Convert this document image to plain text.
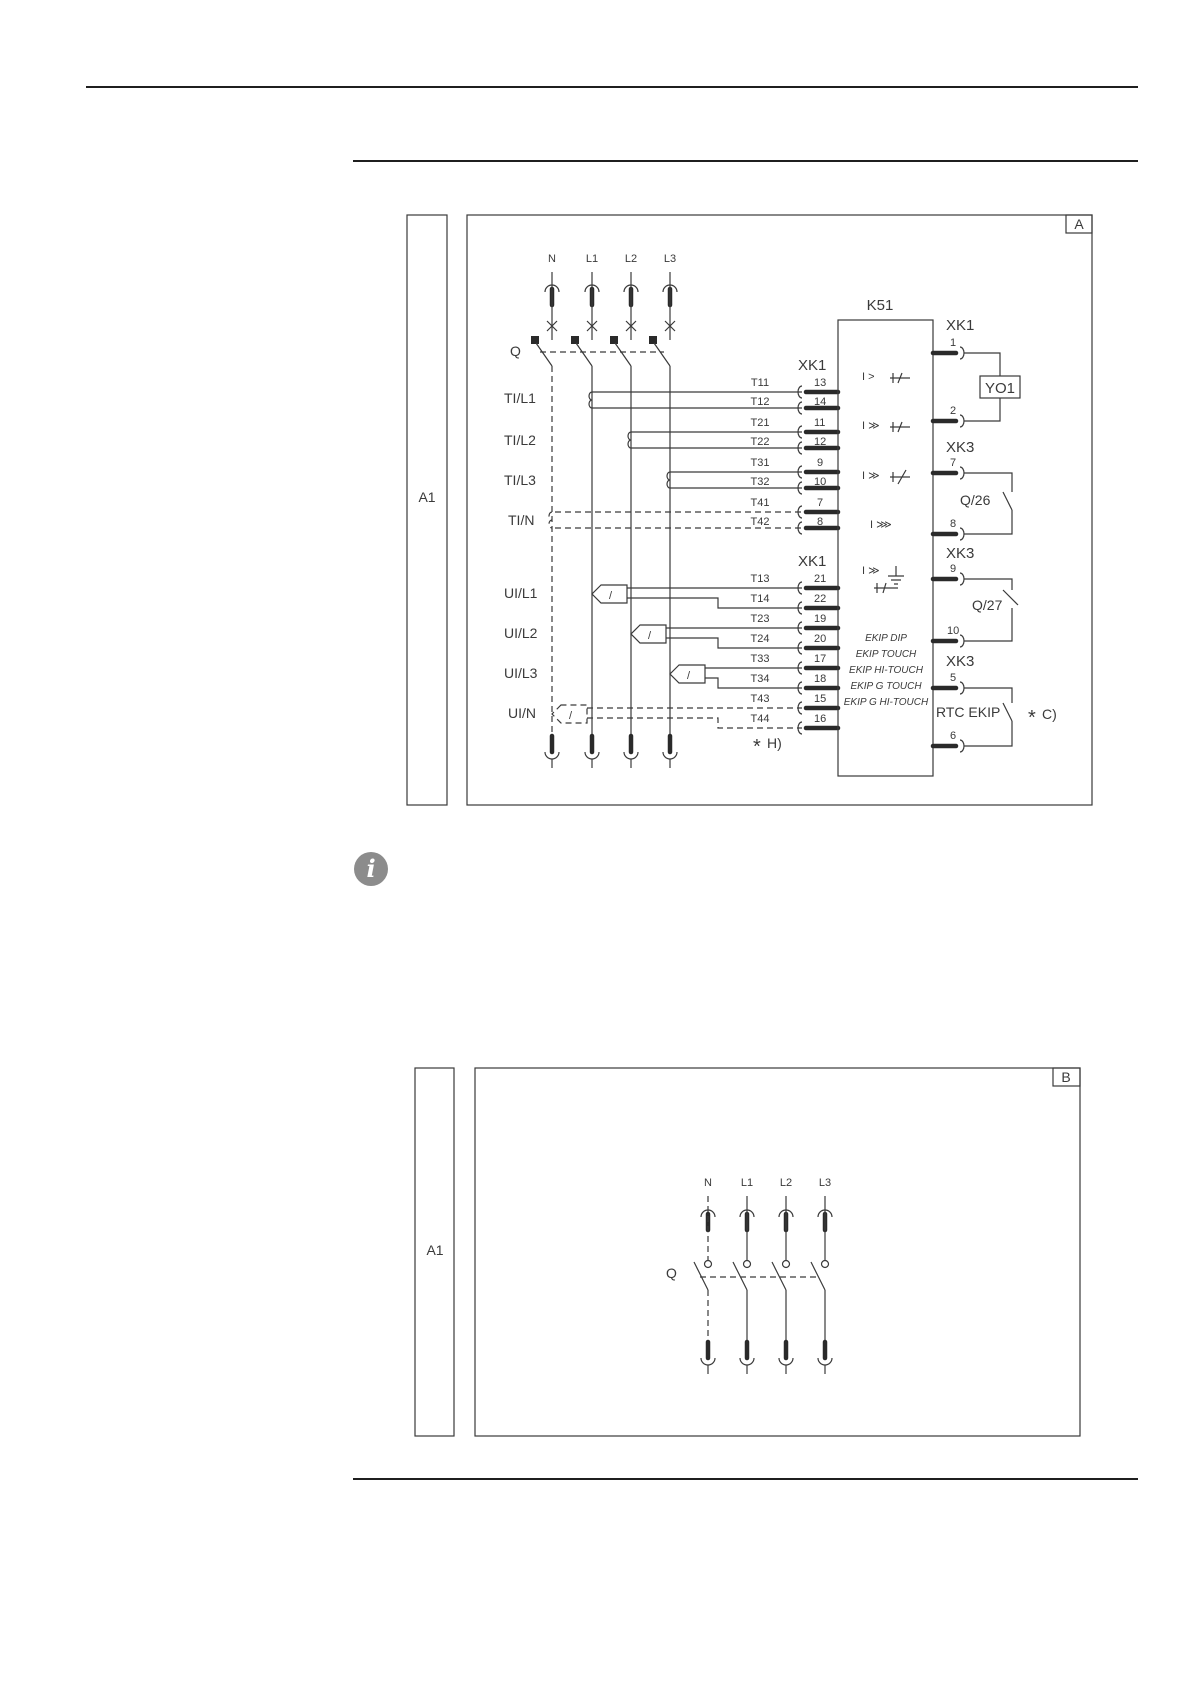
A
A1
N	L1 L2 L3
Q
TI/L1
TI/L2
TI/L3
TI/N
UI/L1
UI/L2
UI/L3
UI/N
/
/
/
/
XK1
XK1
T11
T12
T21
T22
T31
T32
T41
T42
13
14
11
12
9
10
7
8
T13
T14
T23
T24
T33
T34
T43
T44
21
22
19
20
17
18
15
16
K51
I >
I ≫
I ≫
I ⋙
I ≫
EKIP DIP
EKIP TOUCH
EKIP HI-TOUCH
EKIP G TOUCH
EKIP G HI-TOUCH
XK1
XK3
XK3
XK3
1
2
7
8
9
10
5
6
YO1
Q/26
Q/27
RTC EKIP * C)
* H)
i
B
A1
N	L1 L2 L3
Q
